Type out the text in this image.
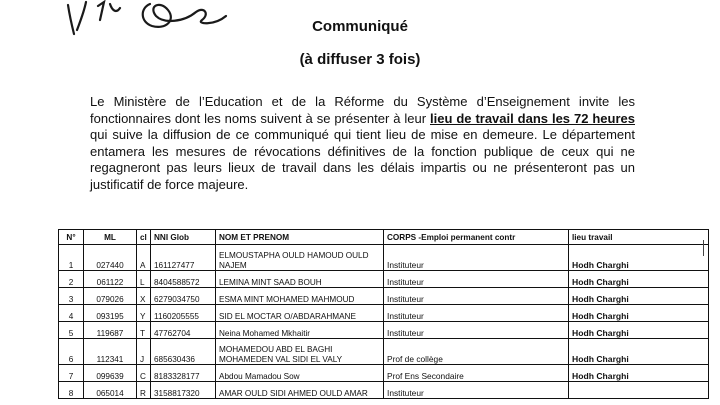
Communiqué
(à diffuser 3 fois)
Le Ministère de l’Education et de la Réforme du Système d’Enseignement invite les fonctionnaires dont les noms suivent à se présenter à leur lieu de travail dans les 72 heures qui suive la diffusion de ce communiqué qui tient lieu de mise en demeure. Le département entamera les mesures de révocations définitives de la fonction publique de ceux qui ne regagneront pas leurs lieux de travail dans les délais impartis ou ne présenteront pas un justificatif de force majeure.
N°	ML	cl	NNI Glob	NOM ET PRENOM	CORPS -Emploi permanent contr	lieu travail
1	027440	A	161127477	ELMOUSTAPHA OULD HAMOUD OULD NAJEM	Instituteur	Hodh Charghi
2	061122	L	8404588572	LEMINA MINT SAAD BOUH	Instituteur	Hodh Charghi
3	079026	X	6279034750	ESMA MINT MOHAMED MAHMOUD	Instituteur	Hodh Charghi
4	093195	Y	1160205555	SID EL MOCTAR O/ABDARAHMANE	Instituteur	Hodh Charghi
5	119687	T	47762704	Neina Mohamed Mkhaitir	Instituteur	Hodh Charghi
6	112341	J	685630436	MOHAMEDOU ABD EL BAGHI MOHAMEDEN VAL SIDI EL VALY	Prof de collège	Hodh Charghi
7	099639	C	8183328177	Abdou Mamadou Sow	Prof Ens Secondaire	Hodh Charghi
8	065014	R	3158817320	AMAR OULD SIDI AHMED OULD AMAR	Instituteur	
